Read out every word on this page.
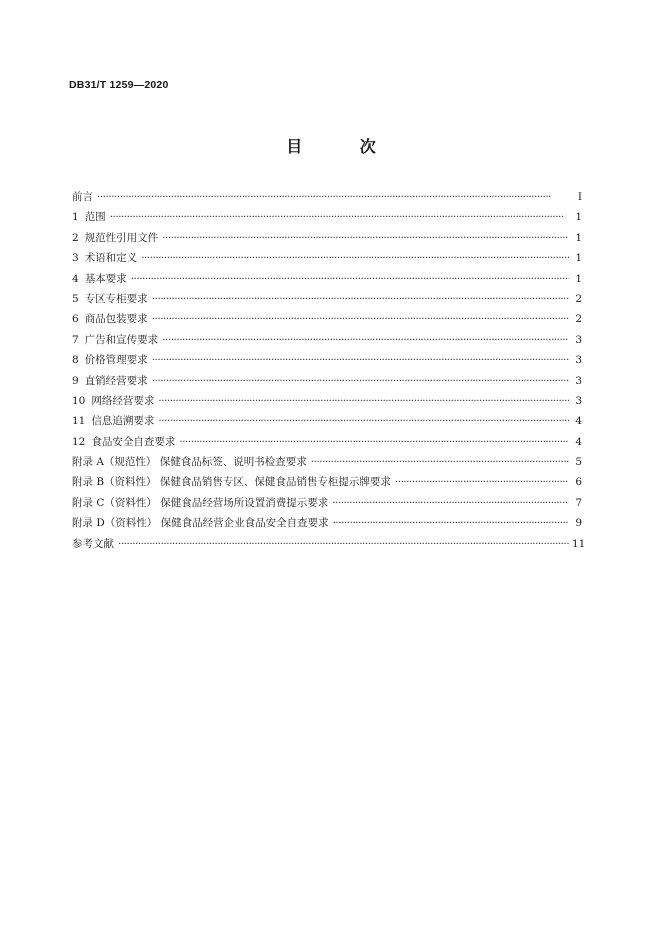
DB31/T 1259—2020
目 次
前言 ·····	I
1 范围 ·····	1
2 规范性引用文件 ·····	1
3 术语和定义 ·····	1
4 基本要求 ·····	1
5 专区专柜要求 ·····	2
6 商品包装要求 ·····	2
7 广告和宣传要求 ·····	3
8 价格管理要求 ·····	3
9 直销经营要求 ·····	3
10 网络经营要求 ·····	3
11 信息追溯要求 ·····	4
12 食品安全自查要求 ·····	4
附录 A（规范性） 保健食品标签、说明书检查要求 ·····	5
附录 B（资料性） 保健食品销售专区、保健食品销售专柜提示牌要求 ·····	6
附录 C（资料性） 保健食品经营场所设置消费提示要求 ·····	7
附录 D（资料性） 保健食品经营企业食品安全自查要求 ·····	9
参考文献 ·····	11
